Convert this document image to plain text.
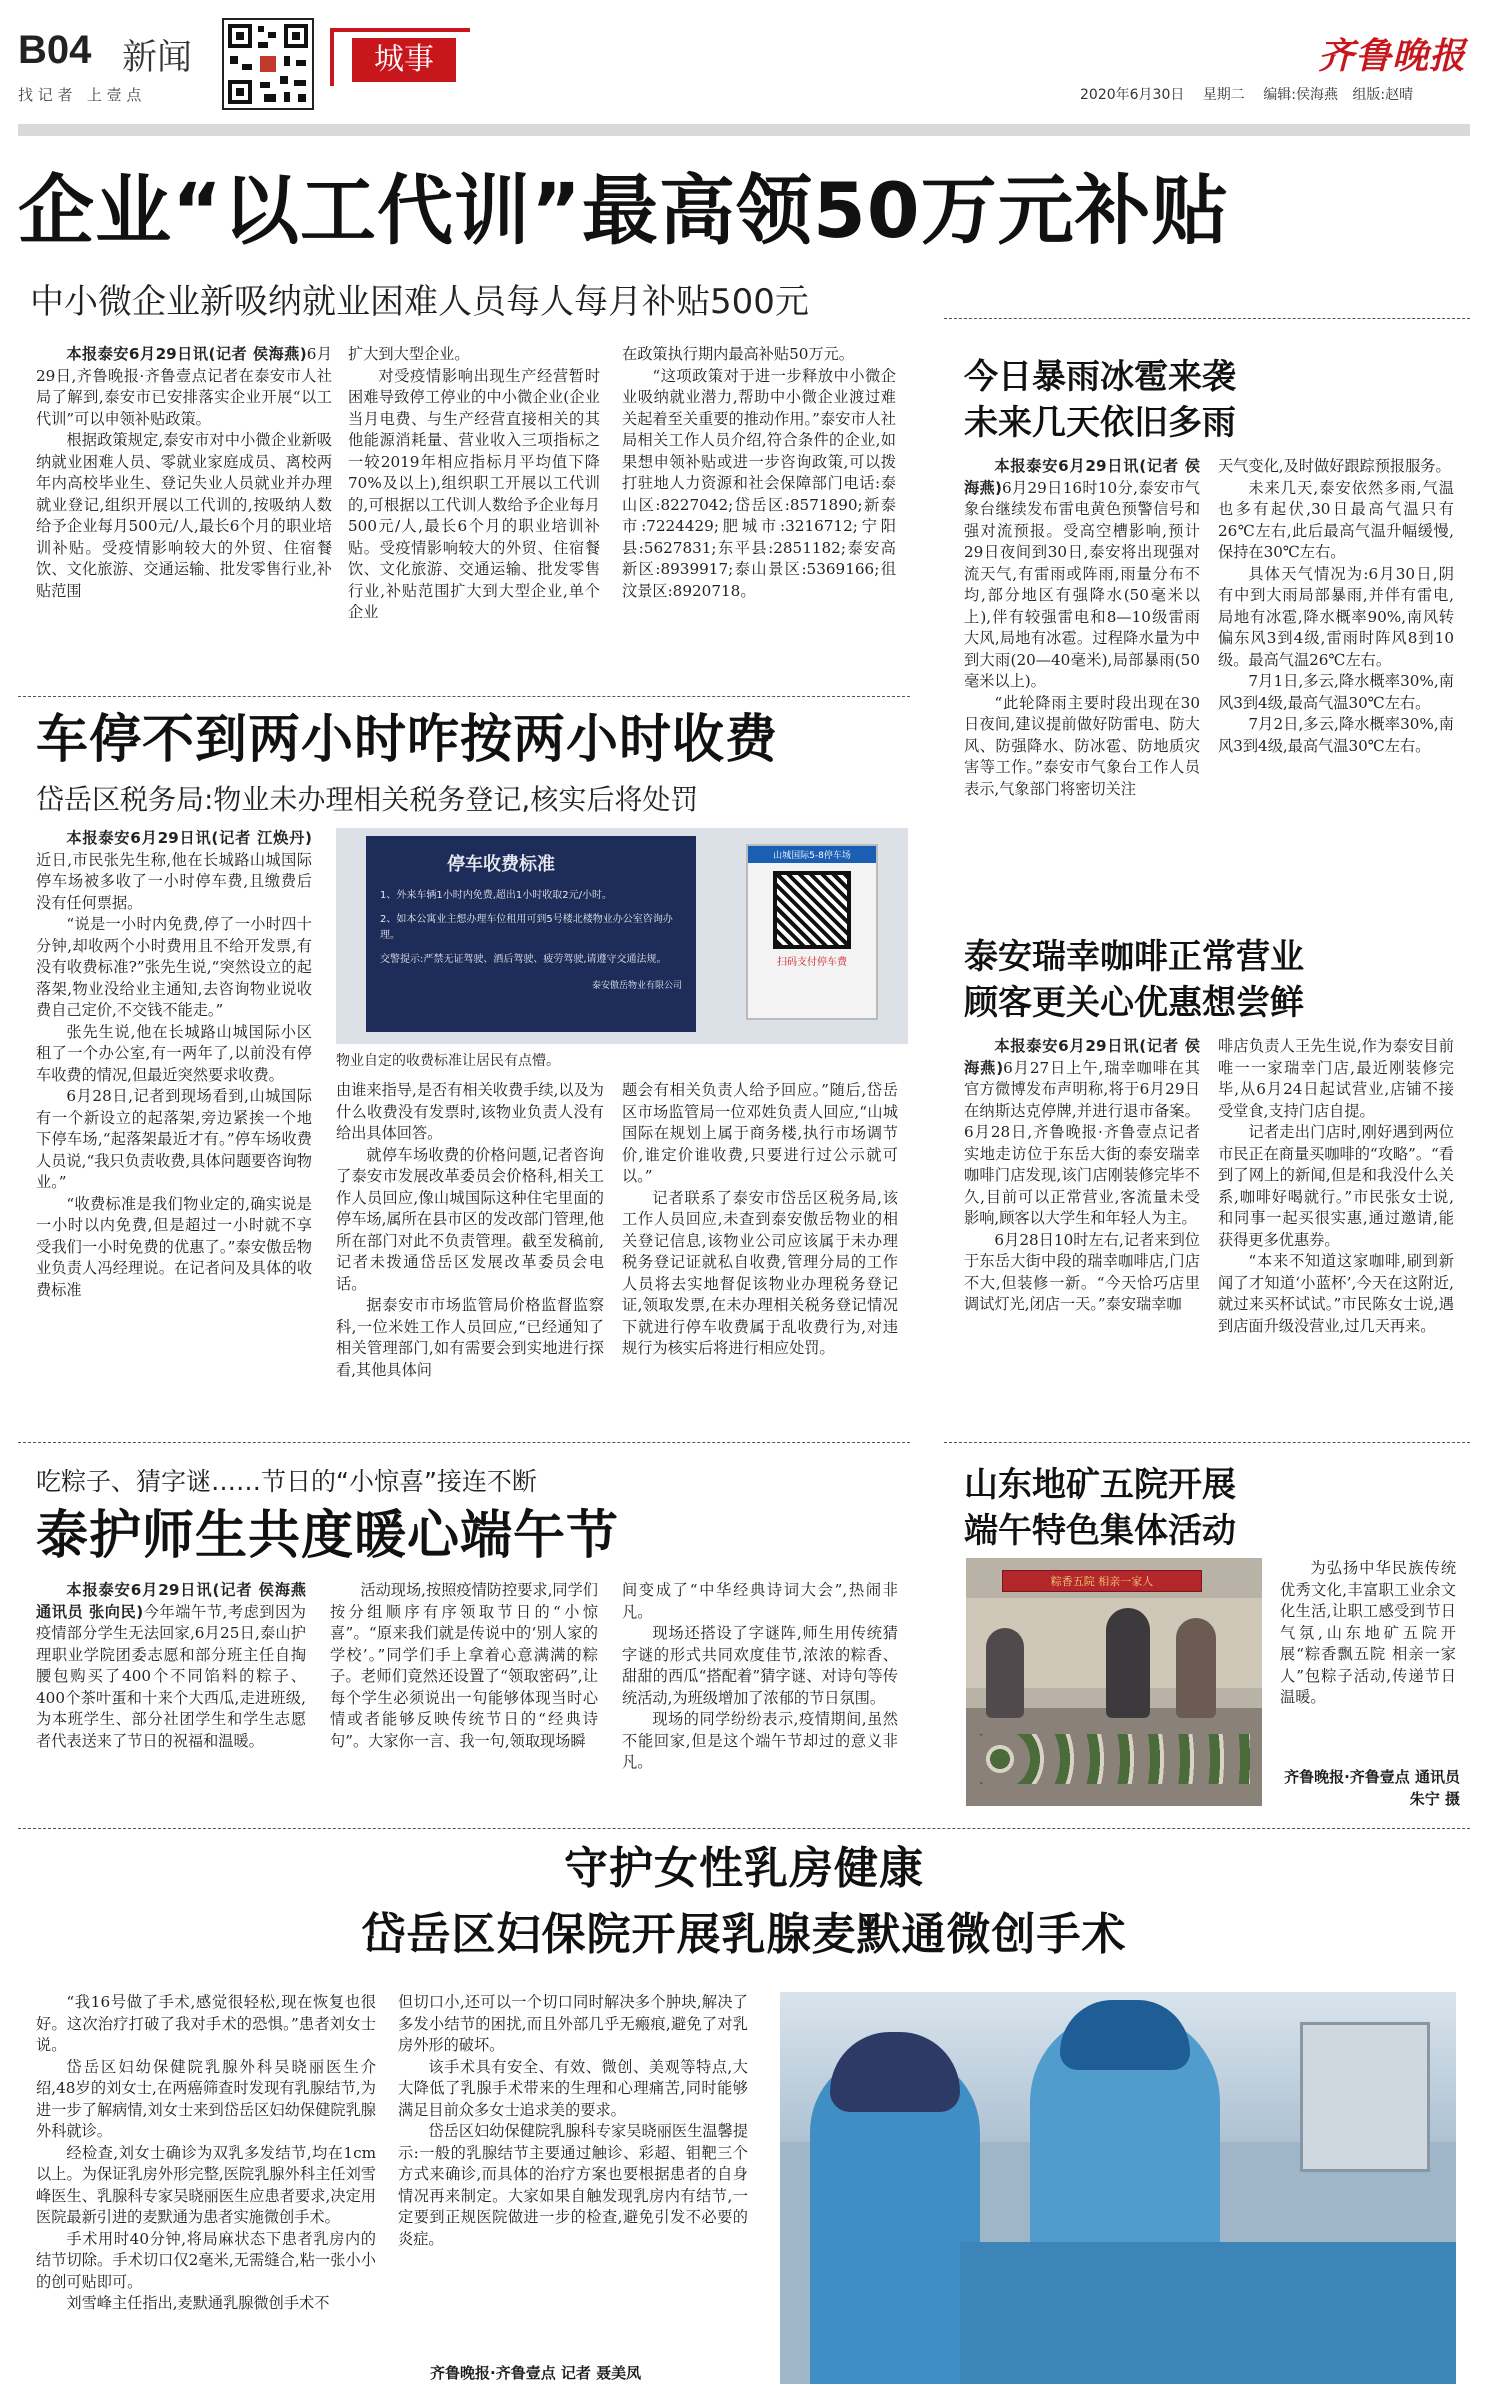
B04 新闻
找 记 者   上 壹 点
城事	齐鲁晚报
2020年6月30日 星期二 编辑:侯海燕 组版:赵晴
企业“以工代训”最高领50万元补贴
中小微企业新吸纳就业困难人员每人每月补贴500元

本报泰安6月29日讯(记者 侯海燕)6月29日,齐鲁晚报·齐鲁壹点记者在泰安市人社局了解到,泰安市已安排落实企业开展“以工代训”可以申领补贴政策。

根据政策规定,泰安市对中小微企业新吸纳就业困难人员、零就业家庭成员、离校两年内高校毕业生、登记失业人员就业并办理就业登记,组织开展以工代训的,按吸纳人数给予企业每月500元/人,最长6个月的职业培训补贴。受疫情影响较大的外贸、住宿餐饮、文化旅游、交通运输、批发零售行业,补贴范围

扩大到大型企业。

对受疫情影响出现生产经营暂时困难导致停工停业的中小微企业(企业当月电费、与生产经营直接相关的其他能源消耗量、营业收入三项指标之一较2019年相应指标月平均值下降70%及以上),组织职工开展以工代训的,可根据以工代训人数给予企业每月500元/人,最长6个月的职业培训补贴。受疫情影响较大的外贸、住宿餐饮、文化旅游、交通运输、批发零售行业,补贴范围扩大到大型企业,单个企业

在政策执行期内最高补贴50万元。

“这项政策对于进一步释放中小微企业吸纳就业潜力,帮助中小微企业渡过难关起着至关重要的推动作用。”泰安市人社局相关工作人员介绍,符合条件的企业,如果想申领补贴或进一步咨询政策,可以拨打驻地人力资源和社会保障部门电话:泰山区:8227042;岱岳区:8571890;新泰市:7224429;肥城市:3216712;宁阳县:5627831;东平县:2851182;泰安高新区:8939917;泰山景区:5369166;徂汶景区:8920718。

车停不到两小时咋按两小时收费
岱岳区税务局:物业未办理相关税务登记,核实后将处罚

本报泰安6月29日讯(记者 江焕丹)近日,市民张先生称,他在长城路山城国际停车场被多收了一小时停车费,且缴费后没有任何票据。

“说是一小时内免费,停了一小时四十分钟,却收两个小时费用且不给开发票,有没有收费标准?”张先生说,“突然设立的起落架,物业没给业主通知,去咨询物业说收费自己定价,不交钱不能走。”

张先生说,他在长城路山城国际小区租了一个办公室,有一两年了,以前没有停车收费的情况,但最近突然要求收费。

6月28日,记者到现场看到,山城国际有一个新设立的起落架,旁边紧挨一个地下停车场,“起落架最近才有。”停车场收费人员说,“我只负责收费,具体问题要咨询物业。”

“收费标准是我们物业定的,确实说是一小时以内免费,但是超过一小时就不享受我们一小时免费的优惠了。”泰安傲岳物业负责人冯经理说。在记者问及具体的收费标准

停车收费标准
1、外来车辆1小时内免费,超出1小时收取2元/小时。
2、如本公寓业主想办理车位租用可到5号楼北楼物业办公室咨询办理。
交警提示:严禁无证驾驶、酒后驾驶、疲劳驾驶,请遵守交通法规。
泰安傲岳物业有限公司
山城国际5-8停车场
扫码支付停车费
物业自定的收费标准让居民有点懵。

由谁来指导,是否有相关收费手续,以及为什么收费没有发票时,该物业负责人没有给出具体回答。

就停车场收费的价格问题,记者咨询了泰安市发展改革委员会价格科,相关工作人员回应,像山城国际这种住宅里面的停车场,属所在县市区的发改部门管理,他所在部门对此不负责管理。截至发稿前,记者未拨通岱岳区发展改革委员会电话。

据泰安市市场监管局价格监督监察科,一位米姓工作人员回应,“已经通知了相关管理部门,如有需要会到实地进行探看,其他具体问

题会有相关负责人给予回应。”随后,岱岳区市场监管局一位邓姓负责人回应,“山城国际在规划上属于商务楼,执行市场调节价,谁定价谁收费,只要进行过公示就可以。”

记者联系了泰安市岱岳区税务局,该工作人员回应,未查到泰安傲岳物业的相关登记信息,该物业公司应该属于未办理税务登记证就私自收费,管理分局的工作人员将去实地督促该物业办理税务登记证,领取发票,在未办理相关税务登记情况下就进行停车收费属于乱收费行为,对违规行为核实后将进行相应处罚。

今日暴雨冰雹来袭
未来几天依旧多雨

本报泰安6月29日讯(记者 侯海燕)6月29日16时10分,泰安市气象台继续发布雷电黄色预警信号和强对流预报。受高空槽影响,预计29日夜间到30日,泰安将出现强对流天气,有雷雨或阵雨,雨量分布不均,部分地区有强降水(50毫米以上),伴有较强雷电和8—10级雷雨大风,局地有冰雹。过程降水量为中到大雨(20—40毫米),局部暴雨(50毫米以上)。

“此轮降雨主要时段出现在30日夜间,建议提前做好防雷电、防大风、防强降水、防冰雹、防地质灾害等工作。”泰安市气象台工作人员表示,气象部门将密切关注

天气变化,及时做好跟踪预报服务。

未来几天,泰安依然多雨,气温也多有起伏,30日最高气温只有26℃左右,此后最高气温升幅缓慢,保持在30℃左右。

具体天气情况为:6月30日,阴有中到大雨局部暴雨,并伴有雷电,局地有冰雹,降水概率90%,南风转偏东风3到4级,雷雨时阵风8到10级。最高气温26℃左右。

7月1日,多云,降水概率30%,南风3到4级,最高气温30℃左右。

7月2日,多云,降水概率30%,南风3到4级,最高气温30℃左右。

泰安瑞幸咖啡正常营业
顾客更关心优惠想尝鲜

本报泰安6月29日讯(记者 侯海燕)6月27日上午,瑞幸咖啡在其官方微博发布声明称,将于6月29日在纳斯达克停牌,并进行退市备案。6月28日,齐鲁晚报·齐鲁壹点记者实地走访位于东岳大街的泰安瑞幸咖啡门店发现,该门店刚装修完毕不久,目前可以正常营业,客流量未受影响,顾客以大学生和年轻人为主。

6月28日10时左右,记者来到位于东岳大街中段的瑞幸咖啡店,门店不大,但装修一新。“今天恰巧店里调试灯光,闭店一天。”泰安瑞幸咖

啡店负责人王先生说,作为泰安目前唯一一家瑞幸门店,最近刚装修完毕,从6月24日起试营业,店铺不接受堂食,支持门店自提。

记者走出门店时,刚好遇到两位市民正在商量买咖啡的“攻略”。“看到了网上的新闻,但是和我没什么关系,咖啡好喝就行。”市民张女士说,和同事一起买很实惠,通过邀请,能获得更多优惠券。

“本来不知道这家咖啡,刷到新闻了才知道‘小蓝杯’,今天在这附近,就过来买杯试试。”市民陈女士说,遇到店面升级没营业,过几天再来。

吃粽子、猜字谜……节日的“小惊喜”接连不断
泰护师生共度暖心端午节

本报泰安6月29日讯(记者 侯海燕 通讯员 张向民)今年端午节,考虑到因为疫情部分学生无法回家,6月25日,泰山护理职业学院团委志愿和部分班主任自掏腰包购买了400个不同馅料的粽子、400个茶叶蛋和十来个大西瓜,走进班级,为本班学生、部分社团学生和学生志愿者代表送来了节日的祝福和温暖。

活动现场,按照疫情防控要求,同学们按分组顺序有序领取节日的“小惊喜”。“原来我们就是传说中的‘别人家的学校’。”同学们手上拿着心意满满的粽子。老师们竟然还设置了“领取密码”,让每个学生必须说出一句能够体现当时心情或者能够反映传统节日的“经典诗句”。大家你一言、我一句,领取现场瞬

间变成了“中华经典诗词大会”,热闹非凡。

现场还搭设了字谜阵,师生用传统猜字谜的形式共同欢度佳节,浓浓的粽香、甜甜的西瓜“搭配着”猜字谜、对诗句等传统活动,为班级增加了浓郁的节日氛围。

现场的同学纷纷表示,疫情期间,虽然不能回家,但是这个端午节却过的意义非凡。

山东地矿五院开展
端午特色集体活动
粽香五院 相亲一家人

为弘扬中华民族传统优秀文化,丰富职工业余文化生活,让职工感受到节日气氛,山东地矿五院开展“粽香飘五院 相亲一家人”包粽子活动,传递节日温暖。

齐鲁晚报·齐鲁壹点 通讯员 朱宁 摄
守护女性乳房健康
岱岳区妇保院开展乳腺麦默通微创手术

“我16号做了手术,感觉很轻松,现在恢复也很好。这次治疗打破了我对手术的恐惧。”患者刘女士说。

岱岳区妇幼保健院乳腺外科吴晓丽医生介绍,48岁的刘女士,在两癌筛查时发现有乳腺结节,为进一步了解病情,刘女士来到岱岳区妇幼保健院乳腺外科就诊。

经检查,刘女士确诊为双乳多发结节,均在1cm以上。为保证乳房外形完整,医院乳腺外科主任刘雪峰医生、乳腺科专家吴晓丽医生应患者要求,决定用医院最新引进的麦默通为患者实施微创手术。

手术用时40分钟,将局麻状态下患者乳房内的结节切除。手术切口仅2毫米,无需缝合,粘一张小小的创可贴即可。

刘雪峰主任指出,麦默通乳腺微创手术不

但切口小,还可以一个切口同时解决多个肿块,解决了多发小结节的困扰,而且外部几乎无瘢痕,避免了对乳房外形的破坏。

该手术具有安全、有效、微创、美观等特点,大大降低了乳腺手术带来的生理和心理痛苦,同时能够满足目前众多女士追求美的要求。

岱岳区妇幼保健院乳腺科专家吴晓丽医生温馨提示:一般的乳腺结节主要通过触诊、彩超、钼靶三个方式来确诊,而具体的治疗方案也要根据患者的自身情况再来制定。大家如果自触发现乳房内有结节,一定要到正规医院做进一步的检查,避免引发不必要的炎症。

齐鲁晚报·齐鲁壹点 记者 聂美凤
